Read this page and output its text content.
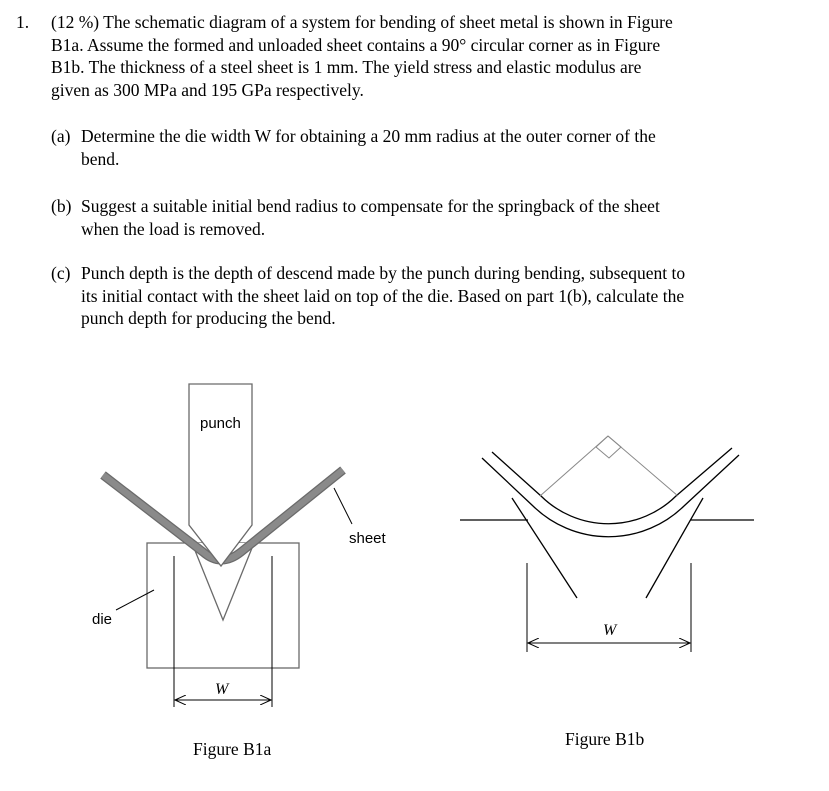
1. (12 %) The schematic diagram of a system for bending of sheet metal is shown in Figure
B1a. Assume the formed and unloaded sheet contains a 90° circular corner as in Figure
B1b. The thickness of a steel sheet is 1 mm. The yield stress and elastic modulus are
given as 300 MPa and 195 GPa respectively.
(a) Determine the die width W for obtaining a 20 mm radius at the outer corner of the
bend.
(b) Suggest a suitable initial bend radius to compensate for the springback of the sheet
when the load is removed.
(c) Punch depth is the depth of descend made by the punch during bending, subsequent to
its initial contact with the sheet laid on top of the die. Based on part 1(b), calculate the
punch depth for producing the bend.
W
punch
sheet
die
Figure B1a
W
Figure B1b
